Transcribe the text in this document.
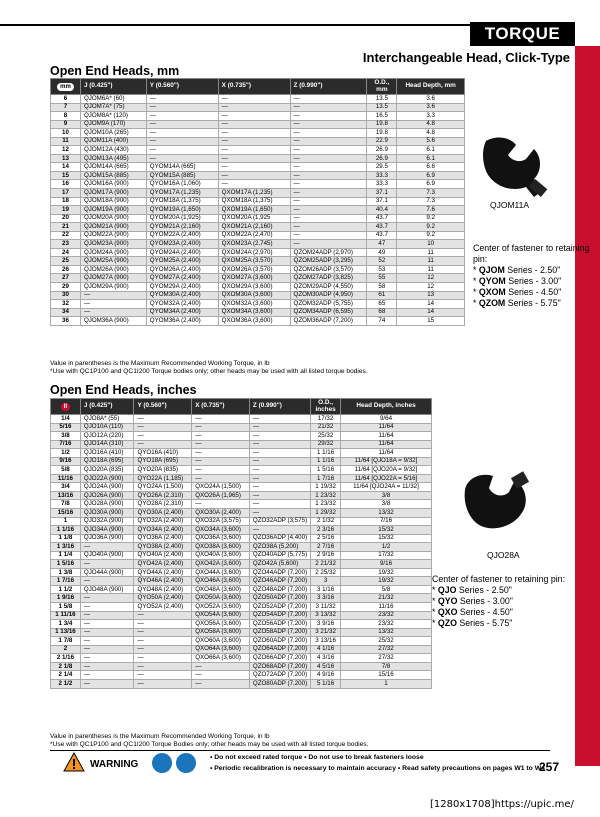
TORQUE
Interchangeable Head, Click-Type
Open End Heads, mm
mm	J (0.425")	Y (0.560")	X (0.735")	Z (0.990")	O.D., mm	Head Depth, mm
6	QJOM6A* (60)	—	—	—	13.5	3.6
7	QJOM7A* (75)	—	—	—	13.5	3.6
8	QJOM8A* (120)	—	—	—	16.5	3.3
9	QJOM9A (170)	—	—	—	19.8	4.8
10	QJOM10A (265)	—	—	—	19.8	4.8
11	QJOM11A (400)	—	—	—	22.9	5.6
12	QJOM12A (430)	—	—	—	26.9	6.1
13	QJOM13A (495)	—	—	—	26.9	6.1
14	QJOM14A (665)	QYOM14A (665)	—	—	29.5	6.6
15	QJOM15A (885)	QYOM15A (885)	—	—	33.3	6.9
16	QJOM16A (900)	QYOM16A (1,060)	—	—	33.3	6.9
17	QJOM17A (900)	QYOM17A (1,235)	QXOM17A (1,235)	—	37.1	7.3
18	QJOM18A (900)	QYOM18A (1,375)	QXOM18A (1,375)	—	37.1	7.3
19	QJOM19A (900)	QYOM19A (1,650)	QXOM19A (1,650)	—	40.4	7.6
20	QJOM20A (900)	QYOM20A (1,925)	QXOM20A (1,925	—	43.7	9.2
21	QJOM21A (900)	QYOM21A (2,160)	QXOM21A (2,160)	—	43.7	9.2
22	QJOM22A (900)	QYOM22A (2,400)	QXOM22A (2,470)	—	43.7	9.2
23	QJOM23A (900)	QYOM23A (2,400)	QXOM23A (2,745)	—	47	10
24	QJOM24A (900)	QYOM24A (2,400)	QXOM24A (2,970)	QZOM24ADP (2,970)	49	11
25	QJOM25A (900)	QYOM25A (2,400)	QXOM25A (3,570)	QZOM25ADP (3,295)	52	11
26	QJOM26A (900)	QYOM26A (2,400)	QXOM26A (3,570)	QZOM26ADP (3,570)	53	11
27	QJOM27A (900)	QYOM27A (2,400)	QXOM27A (3,600)	QZOM27ADP (3,825)	55	12
29	QJOM29A (900)	QYOM29A (2,400)	QXOM29A (3,600)	QZOM29ADP (4,550)	58	12
30	—	QYOM30A (2,400)	QXOM30A (3,600)	QZOM30ADP (4,950)	61	13
32	—	QYOM32A (2,400)	QXOM32A (3,600)	QZOM32ADP (5,755)	65	14
34	—	QYOM34A (2,400)	QXOM34A (3,600)	QZOM34ADP (6,595)	68	14
36	QJOM36A (900)	QYOM36A (2,400)	QXOM36A (3,600)	QZOM36ADP (7,200)	74	15
Value in parentheses is the Maximum Recommended Working Torque, in lb
*Use with QC1P100 and QC1I200 Torque bodies only; other heads may be used with all listed torque bodies.
Open End Heads, inches
II	J (0.425")	Y (0.560")	X (0.735")	Z (0.990")	O.D., inches	Head Depth, inches
1/4	QJO8A* (55)	—	—	—	17/32	9/64
5/16	QJO10A (110)	—	—	—	21/32	11/64
3/8	QJO12A (220)	—	—	—	25/32	11/64
7/16	QJO14A (310)	—	—	—	29/32	11/64
1/2	QJO16A (410)	QYO16A (410)	—	—	1 1/16	11/64
9/16	QJO18A (695)	QYO18A (695)	—	—	1 1/16	11/64 [QJO18A = 9/32]
5/8	QJO20A (835)	QYO20A (835)	—	—	1 5/16	11/64 [QJO20A = 9/32]
11/16	QJO22A (900)	QYO22A (1,185)	—	—	1 7/16	11/64 [QJO22A = 5/16]
3/4	QJO24A (900)	QYO24A (1,500)	QXO24A (1,500)	—	1 19/32	11/64 [QJO24A = 11/32]
13/16	QJO26A (900)	QYO26A (2,310)	QXO26A (1,965)	—	1 23/32	3/8
7/8	QJO28A (900)	QYO28A (2,310)	—	—	1 23/32	3/8
15/16	QJO30A (900)	QYO30A (2,400)	QXO30A (2,400)	—	1 29/32	13/32
1	QJO32A (900)	QYO32A (2,400)	QXO32A (3,575)	QZO32ADP (3,575)	2 1/32	7/16
1 1/16	QJO34A (900)	QYO34A (2,400)	QXO34A (3,600)	—	2 3/16	15/32
1 1/8	QJO36A (900)	QYO36A (2,400)	QXO36A (3,600)	QZO36ADP (4,400)	2 5/16	15/32
1 3/16	—	QYO38A (2,400)	QXO38A (3,600)	QZO38A (5,200)	2 7/16	1/2
1 1/4	QJO40A (900)	QYO40A (2,400)	QXO40A (3,600)	QZO40ADP (5,775)	2 9/16	17/32
1 5/16	—	QYO42A (2,400)	QXO42A (3,600)	QZO42A (5,600)	2 21/32	9/16
1 3/8	QJO44A (900)	QYO44A (2,400)	QXO44A (3,600)	QZO44ADP (7,200)	2 25/32	19/32
1 7/16	—	QYO46A (2,400)	QXO46A (3,600)	QZO46ADP (7,200)	3	19/32
1 1/2	QJO48A (900)	QYO48A (2,400)	QXO48A (3,600)	QZO48ADP (7,200)	3 1/16	5/8
1 9/16	—	QYO50A (2,400)	QXO50A (3,600)	QZO50ADP (7,200)	3 3/16	21/32
1 5/8	—	QYO52A (2,400)	QXO52A (3,600)	QZO52ADP (7,200)	3 11/32	11/16
1 11/16	—	—	QXO54A (3,600)	QZO54ADP (7,200)	3 13/32	23/32
1 3/4	—	—	QXO56A (3,600)	QZO56ADP (7,200)	3 9/16	23/32
1 13/16	—	—	QXO58A (3,600)	QZO58ADP (7,200)	3 21/32	13/32
1 7/8	—	—	QXO60A (3,600)	QZO60ADP (7,200)	3 13/16	25/32
2	—	—	QXO64A (3,600)	QZO64ADP (7,200)	4 1/16	27/32
2 1/16	—	—	QXO66A (3,600)	QZO66ADP (7,200)	4 3/16	27/32
2 1/8	—	—	—	QZO68ADP (7,200)	4 5/16	7/8
2 1/4	—	—	—	QZO72ADP (7,200)	4 9/16	15/16
2 1/2	—	—	—	QZO80ADP (7,200)	5 1/16	1
Value in parentheses is the Maximum Recommended Working Torque, in lb
*Use with QC1P100 and QC1I200 Torque Bodies only; other heads may be used with all listed torque bodies.
QJOM11A
Center of fastener to retaining pin:
* QJOM Series - 2.50"
* QYOM Series - 3.00"
* QXOM Series - 4.50"
* QZOM Series - 5.75"
QJO28A
Center of fastener to retaining pin:
* QJO Series - 2.50"
* QYO Series - 3.00"
* QXO Series - 4.50"
* QZO Series - 5.75"
WARNING
• Do not exceed rated torque • Do not use to break fasteners loose
• Periodic recalibration is necessary to maintain accuracy • Read safety precautions on pages W1 to W4
257
[1280x1708]https://upic.me/
